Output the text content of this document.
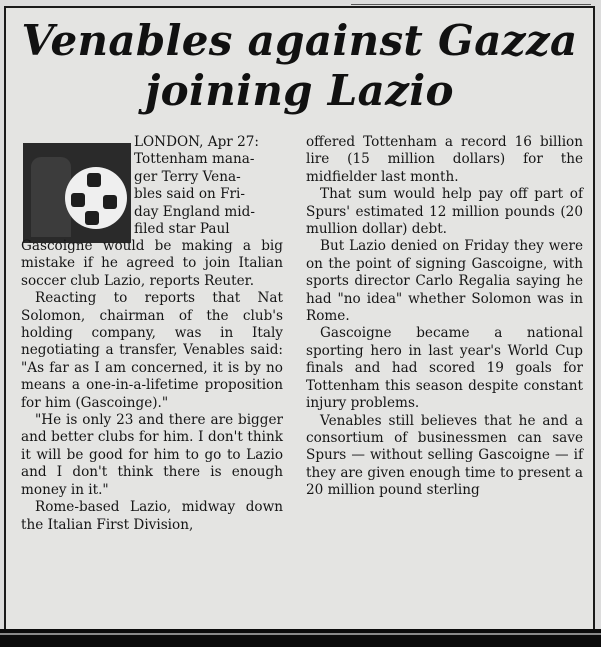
Venables against Gazza
joining Lazio
LONDON, Apr 27:
Tottenham mana-
ger Terry Vena-
bles said on Fri-
day England mid-
filed star Paul

Gascoigne would be making a big mistake if he agreed to join Italian soccer club Lazio, reports Reuter.

Reacting to reports that Nat Solomon, chairman of the club's holding company, was in Italy negotiating a transfer, Venables said: "As far as I am concerned, it is by no means a one-in-a-lifetime proposition for him (Gascoinge)."

"He is only 23 and there are bigger and better clubs for him. I don't think it will be good for him to go to Lazio and I don't think there is enough money in it."

Rome-based Lazio, midway down the Italian First Division,

offered Tottenham a record 16 billion lire (15 million dollars) for the midfielder last month.

That sum would help pay off part of Spurs' estimated 12 million pounds (20 mullion dollar) debt.

But Lazio denied on Friday they were on the point of signing Gascoigne, with sports director Carlo Regalia saying he had "no idea" whether Solomon was in Rome.

Gascoigne became a national sporting hero in last year's World Cup finals and had scored 19 goals for Tottenham this season despite constant injury problems.

Venables still believes that he and a consortium of businessmen can save Spurs — without selling Gascoigne — if they are given enough time to present a 20 million pound sterling
